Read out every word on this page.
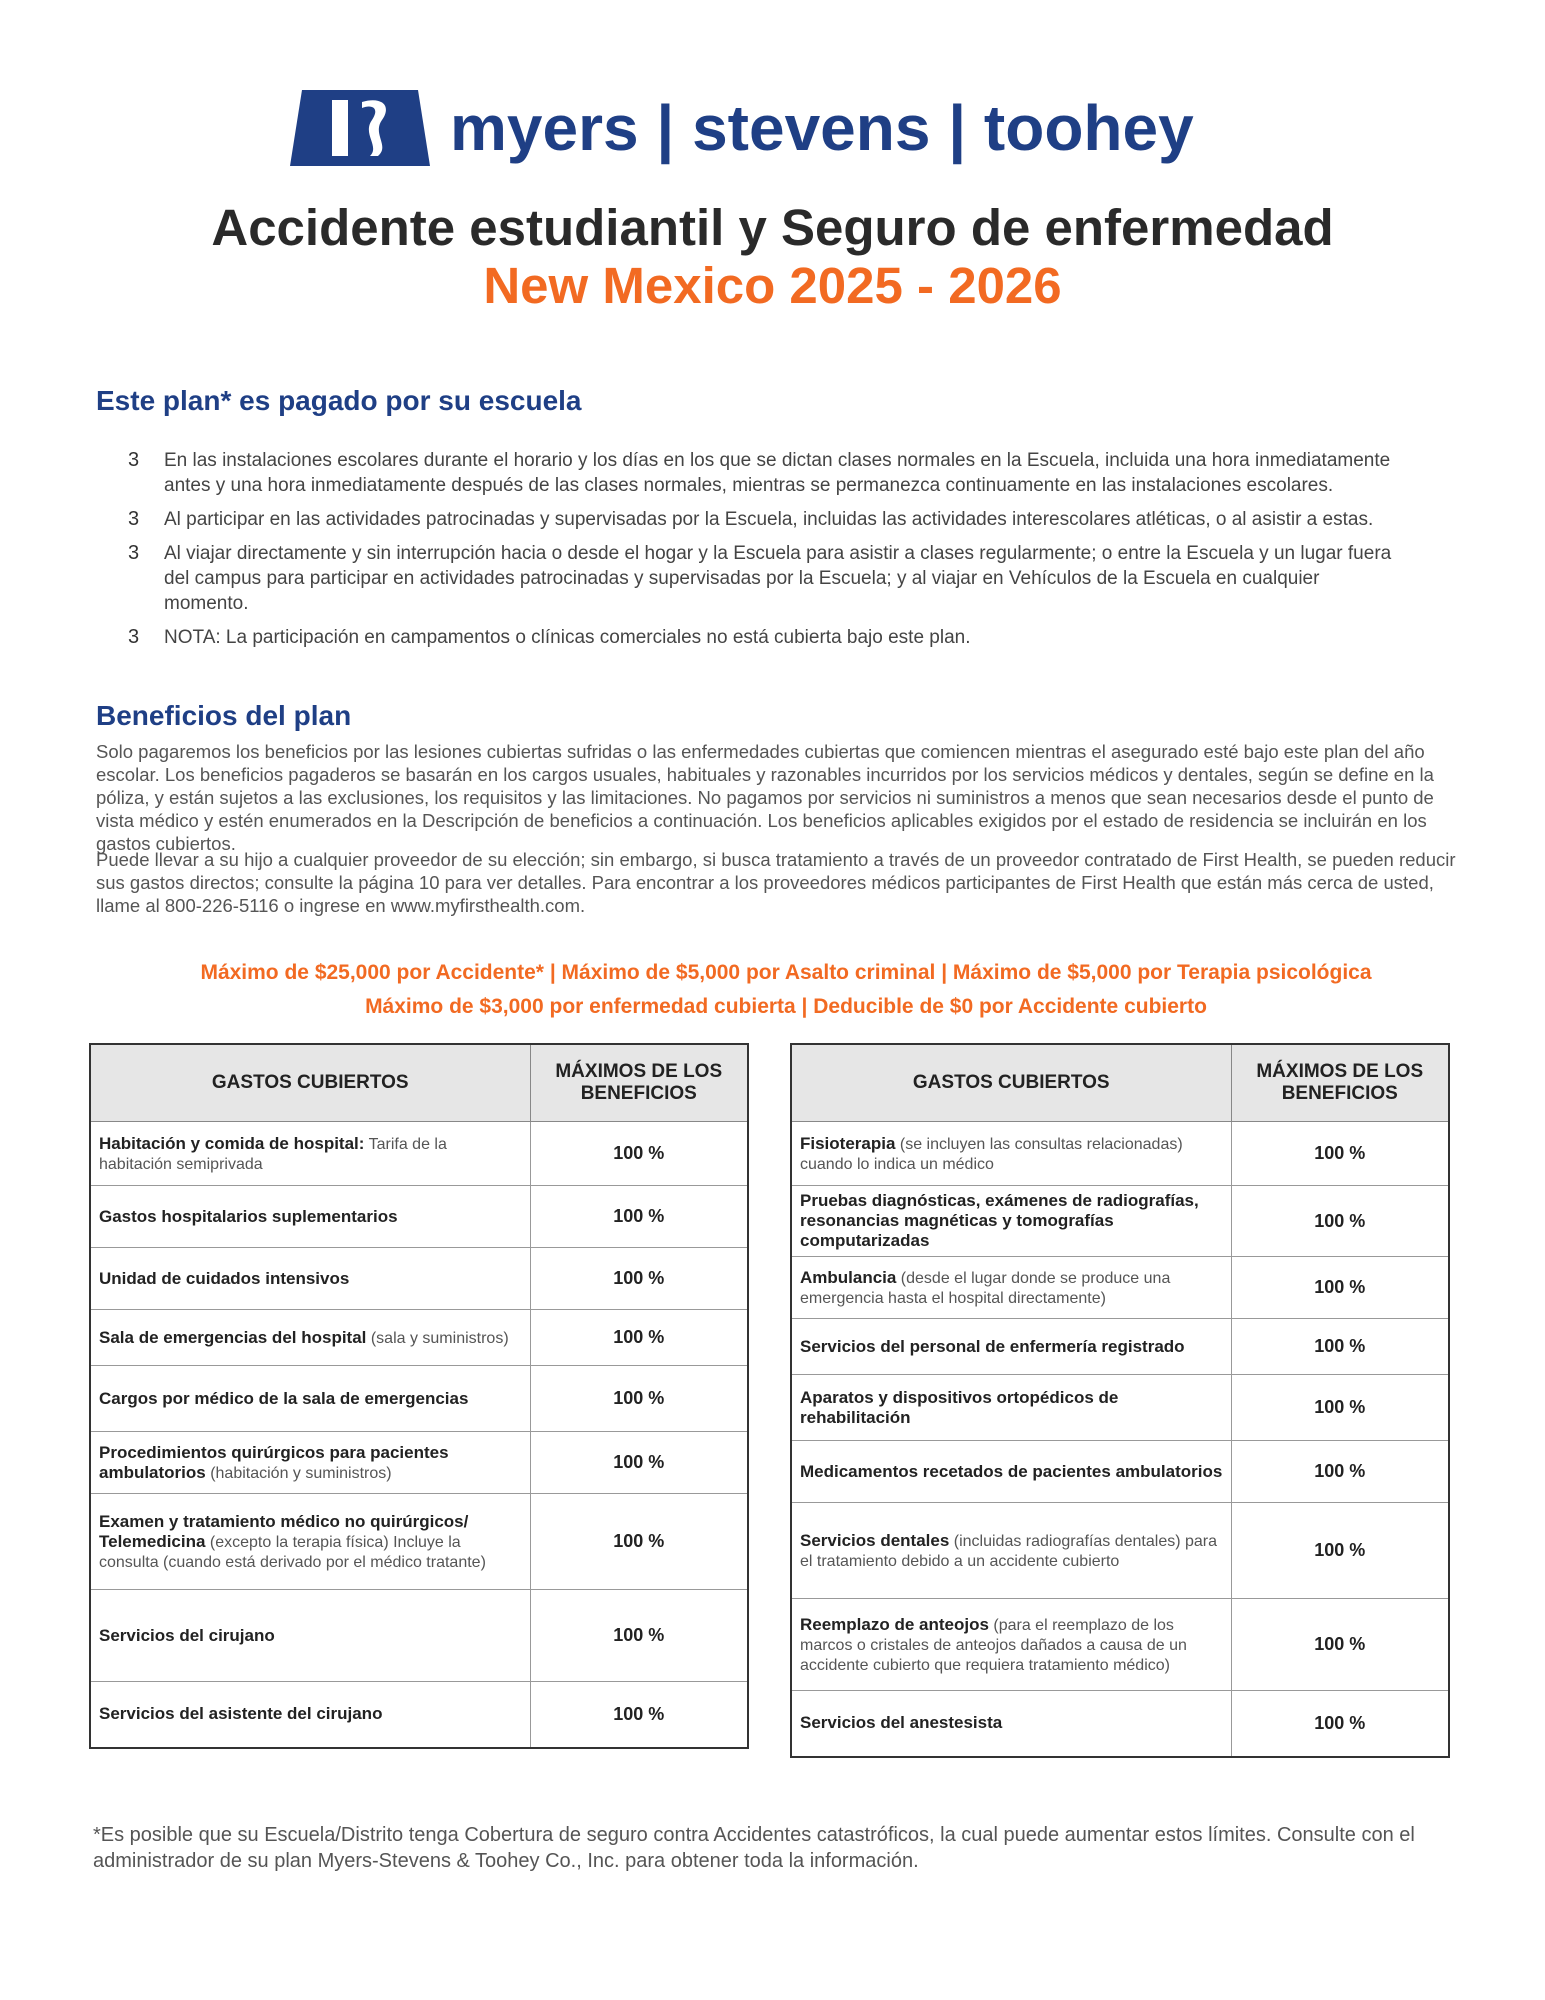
myers | stevens | toohey
Accidente estudiantil y Seguro de enfermedad
New Mexico 2025 - 2026
Este plan* es pagado por su escuela
3 En las instalaciones escolares durante el horario y los días en los que se dictan clases normales en la Escuela, incluida una hora inmediatamente antes y una hora inmediatamente después de las clases normales, mientras se permanezca continuamente en las instalaciones escolares.
3 Al participar en las actividades patrocinadas y supervisadas por la Escuela, incluidas las actividades interescolares atléticas, o al asistir a estas.
3 Al viajar directamente y sin interrupción hacia o desde el hogar y la Escuela para asistir a clases regularmente; o entre la Escuela y un lugar fuera del campus para participar en actividades patrocinadas y supervisadas por la Escuela; y al viajar en Vehículos de la Escuela en cualquier momento.
3 NOTA: La participación en campamentos o clínicas comerciales no está cubierta bajo este plan.
Beneficios del plan

Solo pagaremos los beneficios por las lesiones cubiertas sufridas o las enfermedades cubiertas que comiencen mientras el asegurado esté bajo este plan del año escolar. Los beneficios pagaderos se basarán en los cargos usuales, habituales y razonables incurridos por los servicios médicos y dentales, según se define en la póliza, y están sujetos a las exclusiones, los requisitos y las limitaciones. No pagamos por servicios ni suministros a menos que sean necesarios desde el punto de vista médico y estén enumerados en la Descripción de beneficios a continuación. Los beneficios aplicables exigidos por el estado de residencia se incluirán en los gastos cubiertos.

Puede llevar a su hijo a cualquier proveedor de su elección; sin embargo, si busca tratamiento a través de un proveedor contratado de First Health, se pueden reducir sus gastos directos; consulte la página 10 para ver detalles. Para encontrar a los proveedores médicos participantes de First Health que están más cerca de usted, llame al 800-226-5116 o ingrese en www.myfirsthealth.com.

Máximo de $25,000 por Accidente* | Máximo de $5,000 por Asalto criminal | Máximo de $5,000 por Terapia psicológica
Máximo de $3,000 por enfermedad cubierta | Deducible de $0 por Accidente cubierto
GASTOS CUBIERTOS	MÁXIMOS DE LOS BENEFICIOS
Habitación y comida de hospital: Tarifa de la habitación semiprivada	100 %
Gastos hospitalarios suplementarios	100 %
Unidad de cuidados intensivos	100 %
Sala de emergencias del hospital (sala y suministros)	100 %
Cargos por médico de la sala de emergencias	100 %
Procedimientos quirúrgicos para pacientes ambulatorios (habitación y suministros)	100 %
Examen y tratamiento médico no quirúrgicos/ Telemedicina (excepto la terapia física) Incluye la consulta (cuando está derivado por el médico tratante)	100 %
Servicios del cirujano	100 %
Servicios del asistente del cirujano	100 %
GASTOS CUBIERTOS	MÁXIMOS DE LOS BENEFICIOS
Fisioterapia (se incluyen las consultas relacionadas) cuando lo indica un médico	100 %
Pruebas diagnósticas, exámenes de radiografías, resonancias magnéticas y tomografías computarizadas	100 %
Ambulancia (desde el lugar donde se produce una emergencia hasta el hospital directamente)	100 %
Servicios del personal de enfermería registrado	100 %
Aparatos y dispositivos ortopédicos de rehabilitación	100 %
Medicamentos recetados de pacientes ambulatorios	100 %
Servicios dentales (incluidas radiografías dentales) para el tratamiento debido a un accidente cubierto	100 %
Reemplazo de anteojos (para el reemplazo de los marcos o cristales de anteojos dañados a causa de un accidente cubierto que requiera tratamiento médico)	100 %
Servicios del anestesista	100 %
*Es posible que su Escuela/Distrito tenga Cobertura de seguro contra Accidentes catastróficos, la cual puede aumentar estos límites. Consulte con el administrador de su plan Myers-Stevens & Toohey Co., Inc. para obtener toda la información.
